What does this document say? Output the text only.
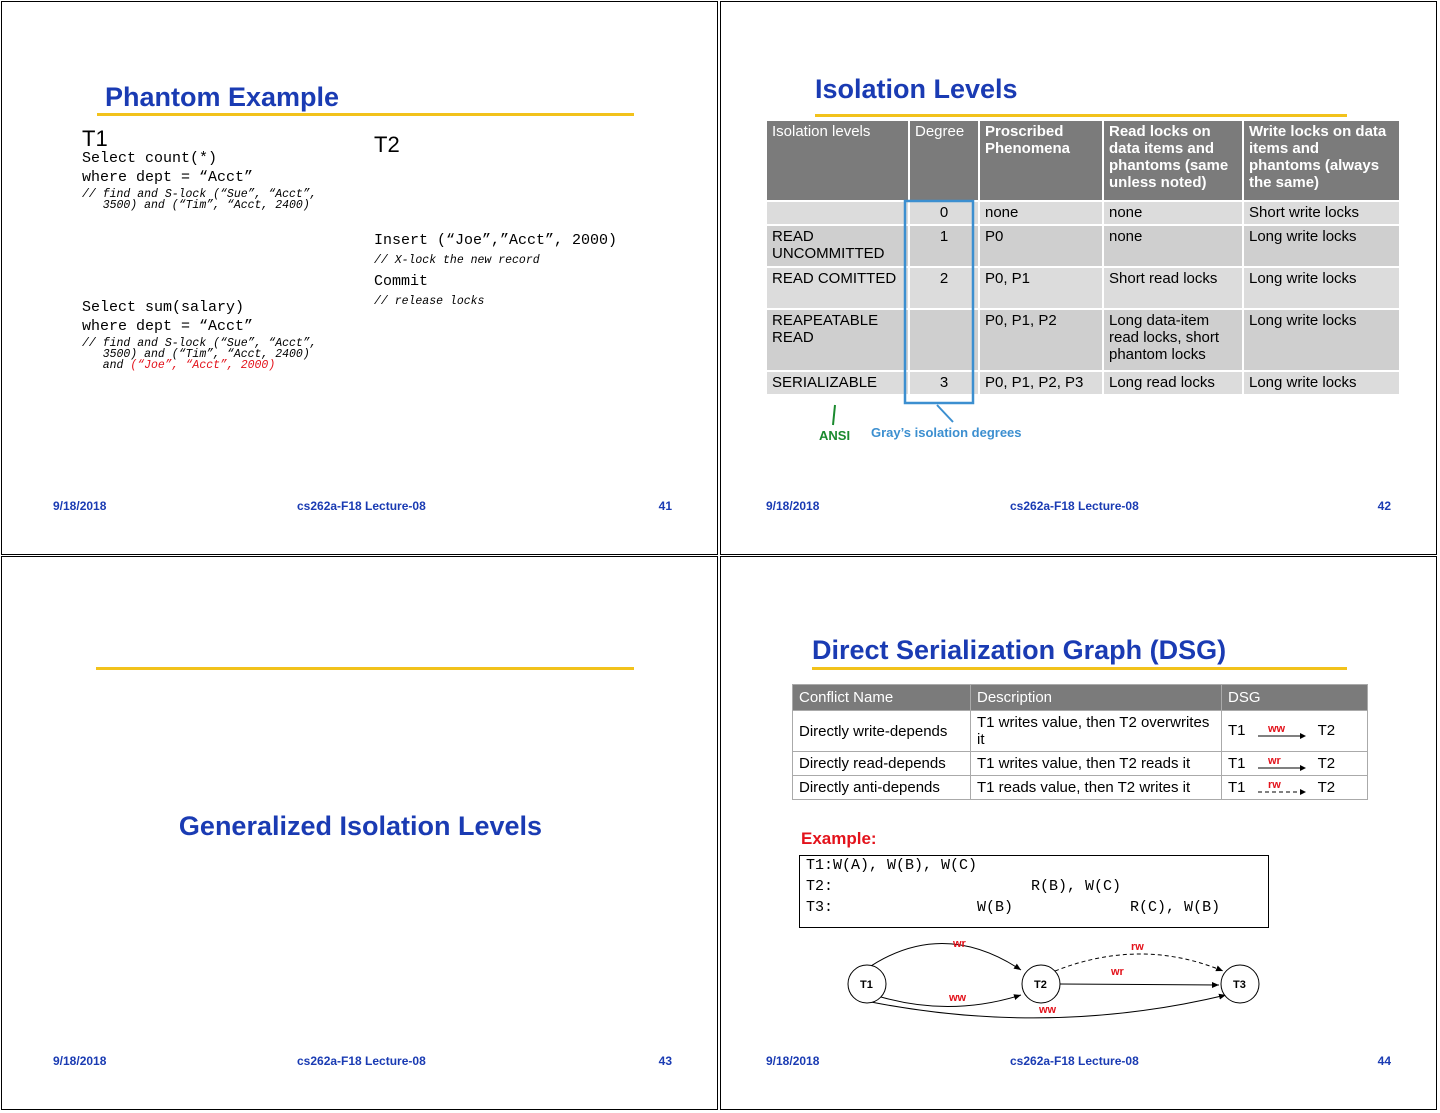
Phantom Example
T1	T2
Select count(*)
where dept = “Acct”
// find and S-lock (“Sue”, “Acct”,
3500) and (“Tim”, “Acct, 2400)
Insert (“Joe”,”Acct”, 2000)
// X-lock the new record
Commit
// release locks
Select sum(salary)
where dept = “Acct”
// find and S-lock (“Sue”, “Acct”,
3500) and (“Tim”, “Acct, 2400)
and (“Joe”, “Acct”, 2000)
9/18/2018	cs262a-F18 Lecture-08	41
Isolation Levels
Isolation levels	Degree	Proscribed Phenomena	Read locks on data items and phantoms (same unless noted)	Write locks on data items and phantoms (always the same)
	0	none	none	Short write locks
READ UNCOMMITTED	1	P0	none	Long write locks
READ COMITTED	2	P0, P1	Short read locks	Long write locks
REAPEATABLE READ		P0, P1, P2	Long data-item read locks, short phantom locks	Long write locks
SERIALIZABLE	3	P0, P1, P2, P3	Long read locks	Long write locks
ANSI Gray’s isolation degrees
9/18/2018	cs262a-F18 Lecture-08	42
Generalized Isolation Levels
9/18/2018	cs262a-F18 Lecture-08	43
Direct Serialization Graph (DSG)
Conflict Name	Description	DSG
Directly write-depends	T1 writes value, then T2 overwrites it	T1 ww T2
Directly read-depends	T1 writes value, then T2 reads it	T1 wr T2
Directly anti-depends	T1 reads value, then T2 writes it	T1 rw T2
Example:
T1:W(A), W(B), W(C)
T2:                      R(B), W(C)
T3:                W(B)             R(C), W(B)
wr
ww
rw
wr
ww
T1	T2	T3
9/18/2018	cs262a-F18 Lecture-08	44
